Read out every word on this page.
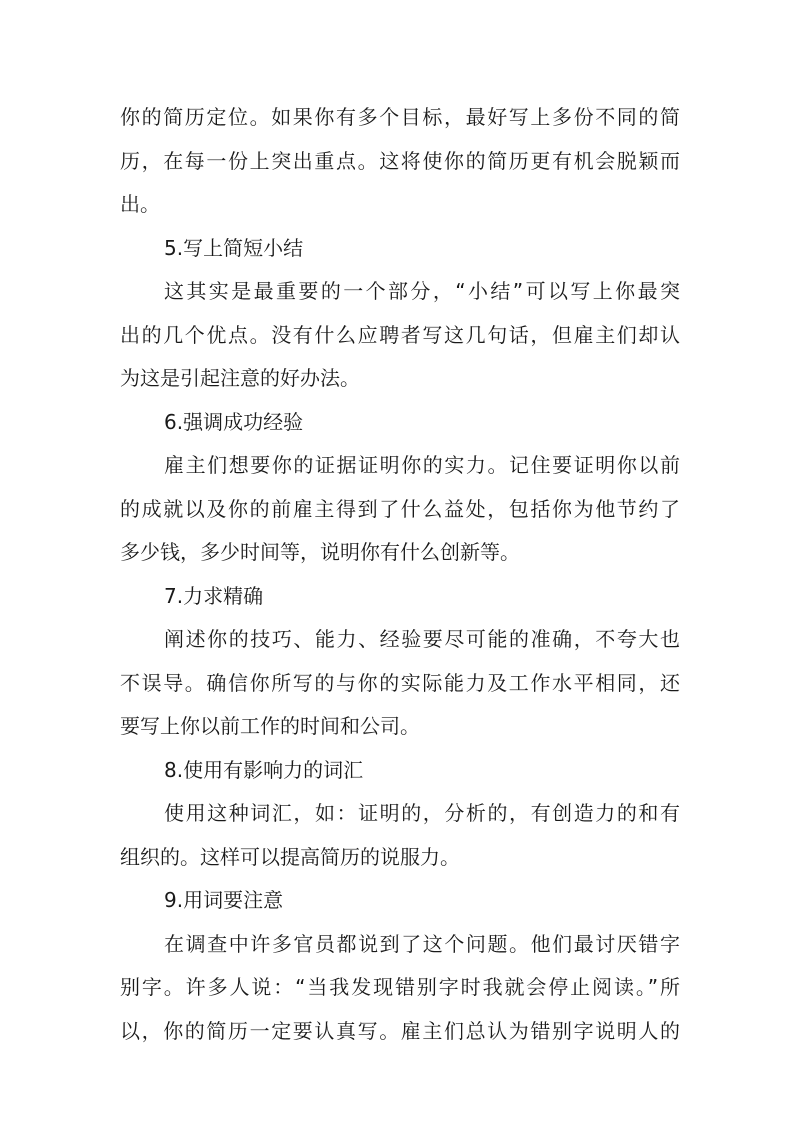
你的简历定位。如果你有多个目标，最好写上多份不同的简
历，在每一份上突出重点。这将使你的简历更有机会脱颖而
出。
5.写上简短小结
这其实是最重要的一个部分，“小结”可以写上你最突
出的几个优点。没有什么应聘者写这几句话，但雇主们却认
为这是引起注意的好办法。
6.强调成功经验
雇主们想要你的证据证明你的实力。记住要证明你以前
的成就以及你的前雇主得到了什么益处，包括你为他节约了
多少钱，多少时间等，说明你有什么创新等。
7.力求精确
阐述你的技巧、能力、经验要尽可能的准确，不夸大也
不误导。确信你所写的与你的实际能力及工作水平相同，还
要写上你以前工作的时间和公司。
8.使用有影响力的词汇
使用这种词汇，如：证明的，分析的，有创造力的和有
组织的。这样可以提高简历的说服力。
9.用词要注意
在调查中许多官员都说到了这个问题。他们最讨厌错字
别字。许多人说：“当我发现错别字时我就会停止阅读。”所
以，你的简历一定要认真写。雇主们总认为错别字说明人的
